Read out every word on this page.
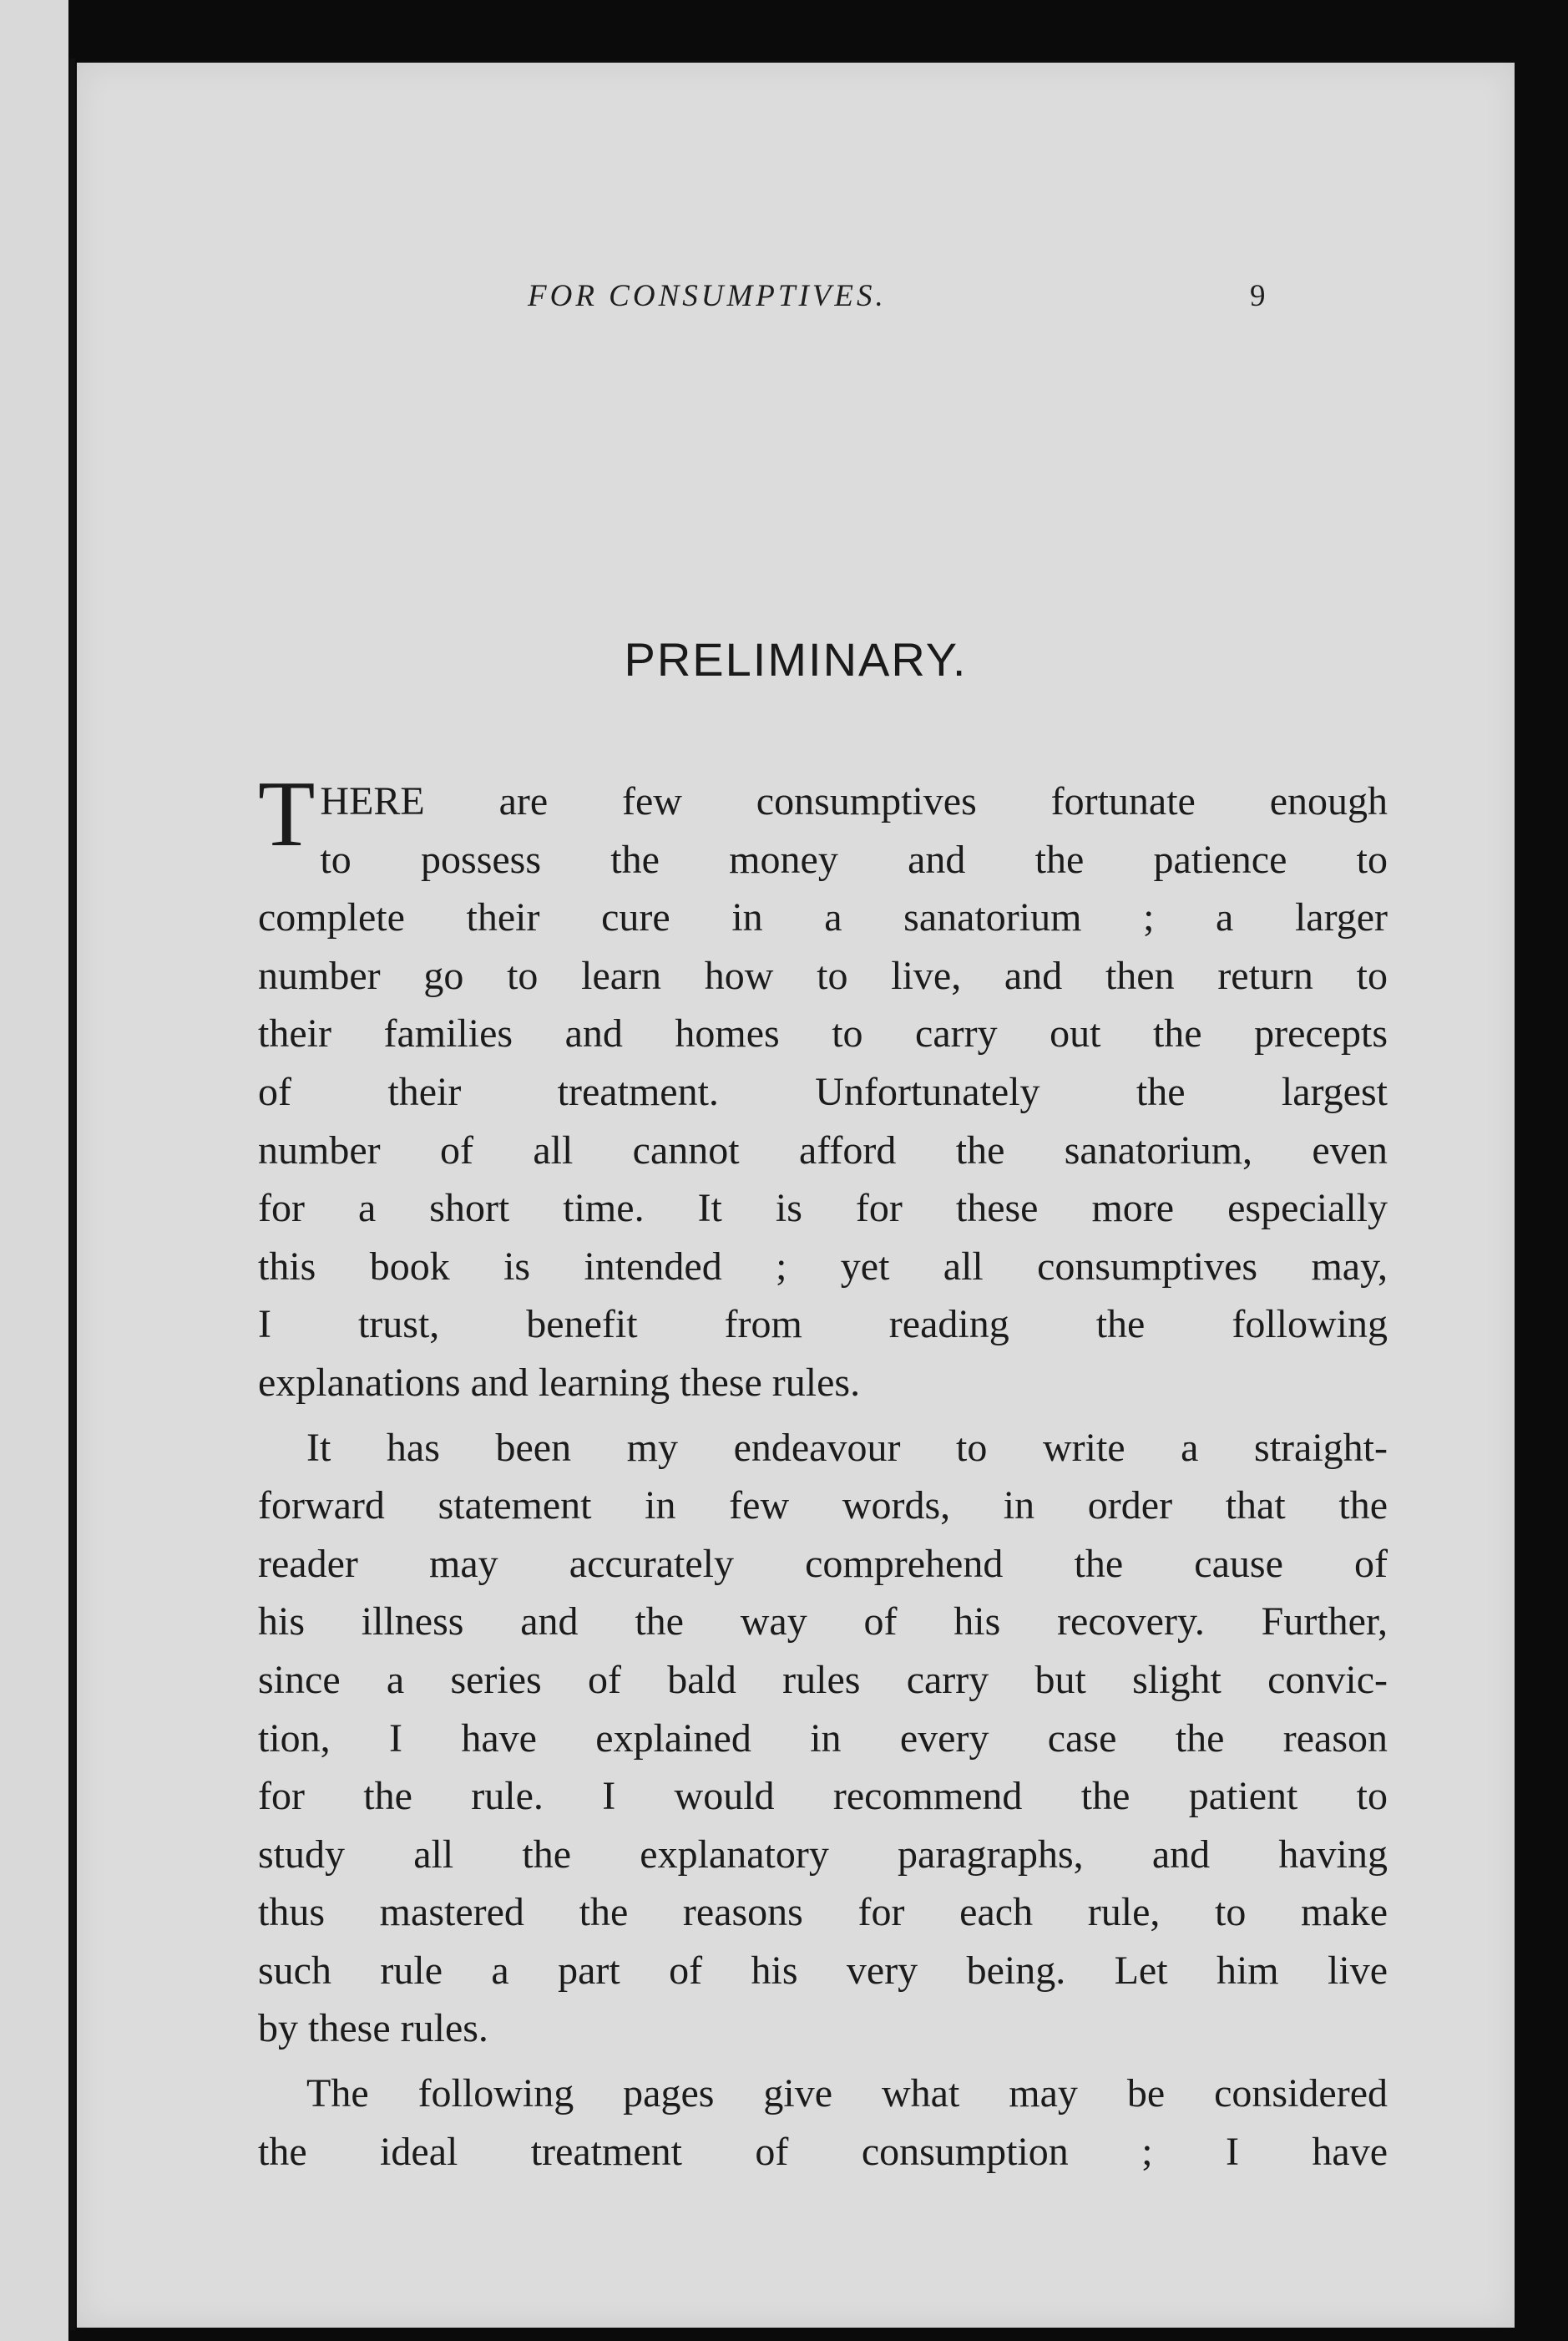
FOR CONSUMPTIVES.	9
PRELIMINARY.
T HERE are few consumptives fortunate enough

to possess the money and the patience to

complete their cure in a sanatorium ; a larger

number go to learn how to live, and then return to

their families and homes to carry out the precepts

of their treatment. Unfortunately the largest

number of all cannot afford the sanatorium, even

for a short time. It is for these more especially

this book is intended ; yet all consumptives may,

I trust, benefit from reading the following

explanations and learning these rules.

It has been my endeavour to write a straight-

forward statement in few words, in order that the

reader may accurately comprehend the cause of

his illness and the way of his recovery. Further,

since a series of bald rules carry but slight convic-

tion, I have explained in every case the reason

for the rule. I would recommend the patient to

study all the explanatory paragraphs, and having

thus mastered the reasons for each rule, to make

such rule a part of his very being. Let him live

by these rules.

The following pages give what may be considered

the ideal treatment of consumption ; I have
